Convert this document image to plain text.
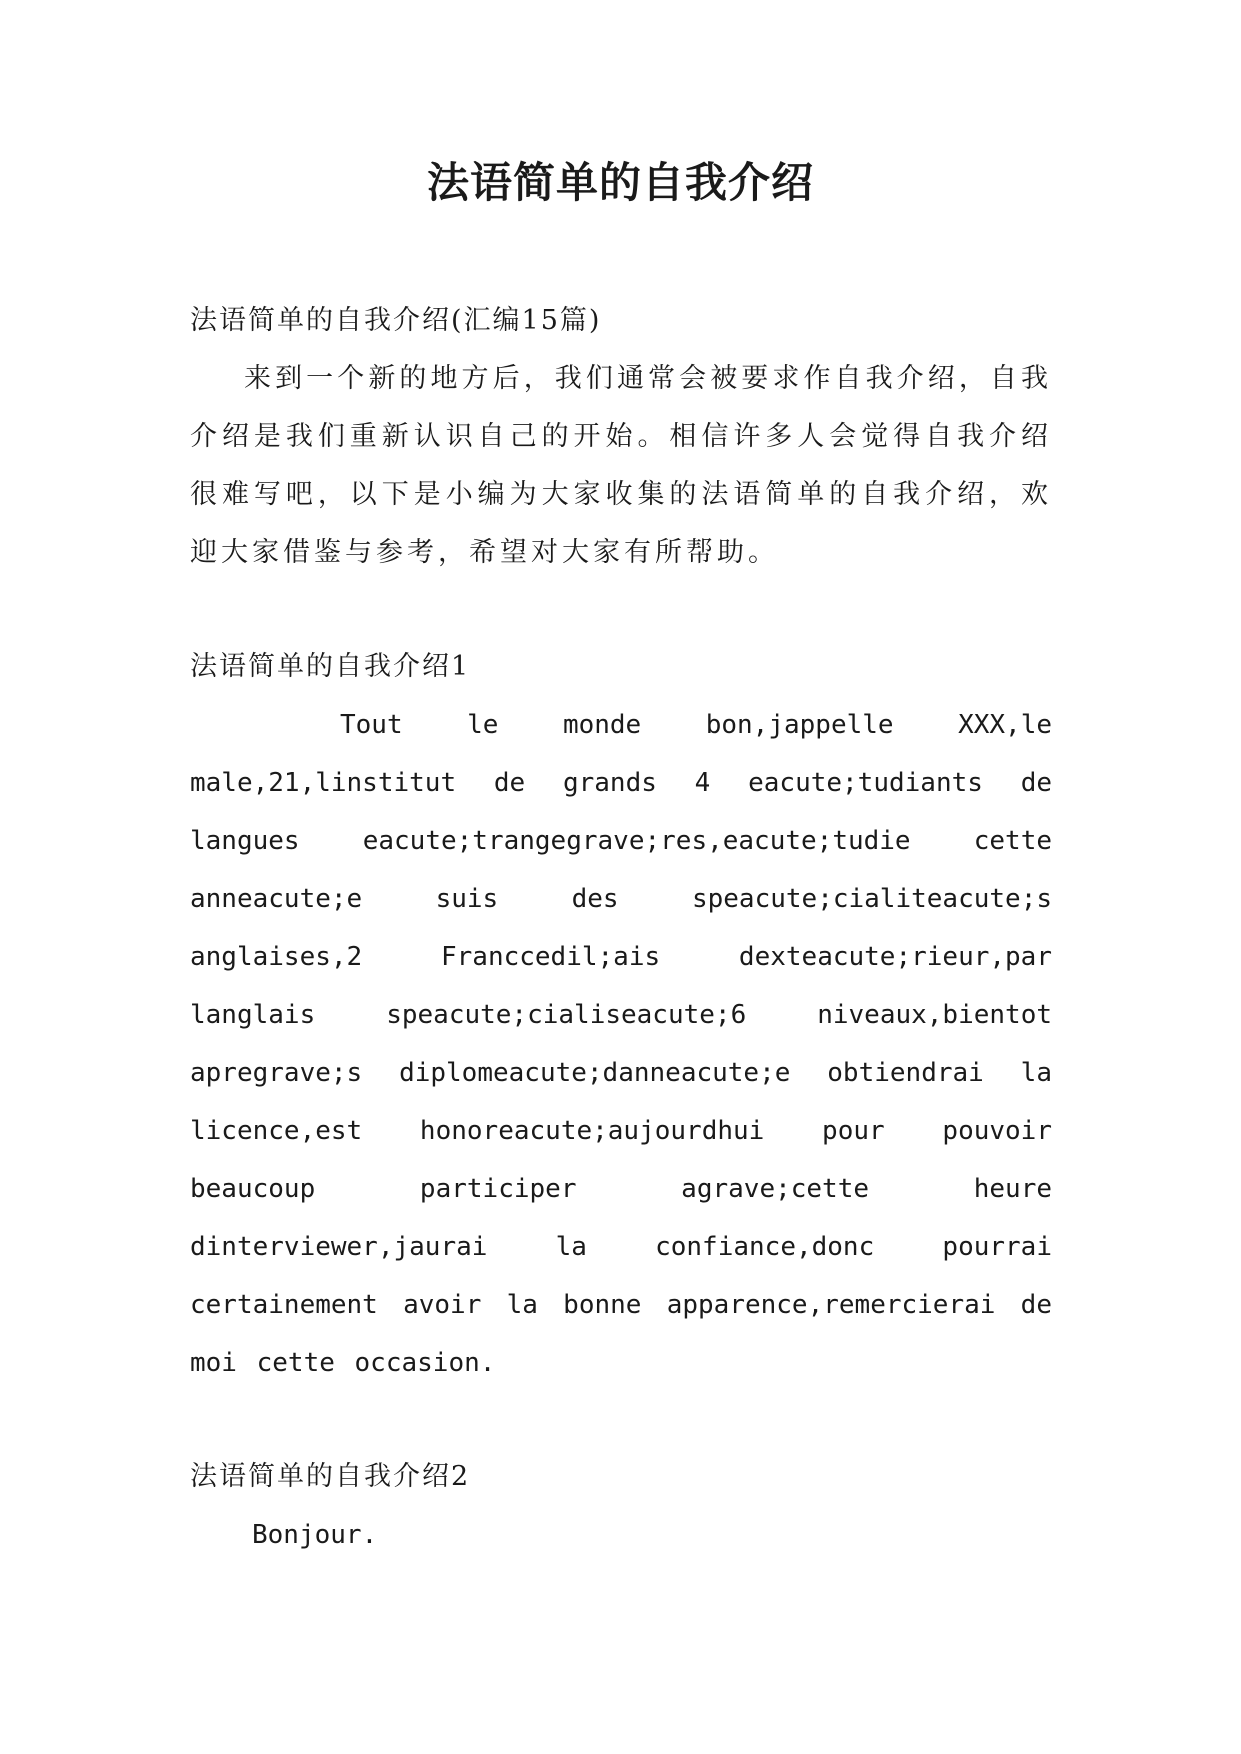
法语简单的自我介绍

法语简单的自我介绍(汇编15篇)

来到一个新的地方后，我们通常会被要求作自我介绍，自我介绍是我们重新认识自己的开始。相信许多人会觉得自我介绍很难写吧，以下是小编为大家收集的法语简单的自我介绍，欢迎大家借鉴与参考，希望对大家有所帮助。

法语简单的自我介绍1

Tout le monde bon,jappelle XXX,le male,21,linstitut de grands 4 eacute;tudiants de langues eacute;trangegrave;res,eacute;tudie cette anneacute;e suis des speacute;cialiteacute;s anglaises,2 Franccedil;ais dexteacute;rieur,par langlais speacute;cialiseacute;6 niveaux,bientot apregrave;s diplomeacute;danneacute;e obtiendrai la licence,est honoreacute;aujourdhui pour pouvoir beaucoup participer agrave;cette heure dinterviewer,jaurai la confiance,donc pourrai certainement avoir la bonne apparence,remercierai de moi cette occasion.

法语简单的自我介绍2

Bonjour.
